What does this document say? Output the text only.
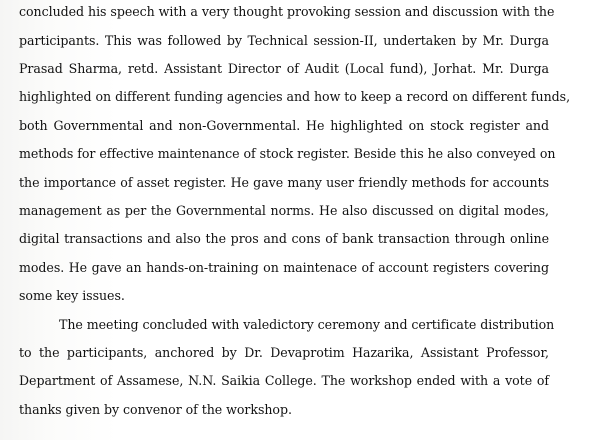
concluded his speech with a very thought provoking session and discussion with the
participants. This was followed by Technical session-II, undertaken by Mr. Durga
Prasad Sharma, retd. Assistant Director of Audit (Local fund), Jorhat. Mr. Durga
highlighted on different funding agencies and how to keep a record on different funds,
both Governmental and non-Governmental. He highlighted on stock register and
methods for effective maintenance of stock register. Beside this he also conveyed on
the importance of asset register. He gave many user friendly methods for accounts
management as per the Governmental norms. He also discussed on digital modes,
digital transactions and also the pros and cons of bank transaction through online
modes. He gave an hands-on-training on maintenace of account registers covering
some key issues.
The meeting concluded with valedictory ceremony and certificate distribution
to the participants, anchored by Dr. Devaprotim Hazarika, Assistant Professor,
Department of Assamese, N.N. Saikia College. The workshop ended with a vote of
thanks given by convenor of the workshop.
